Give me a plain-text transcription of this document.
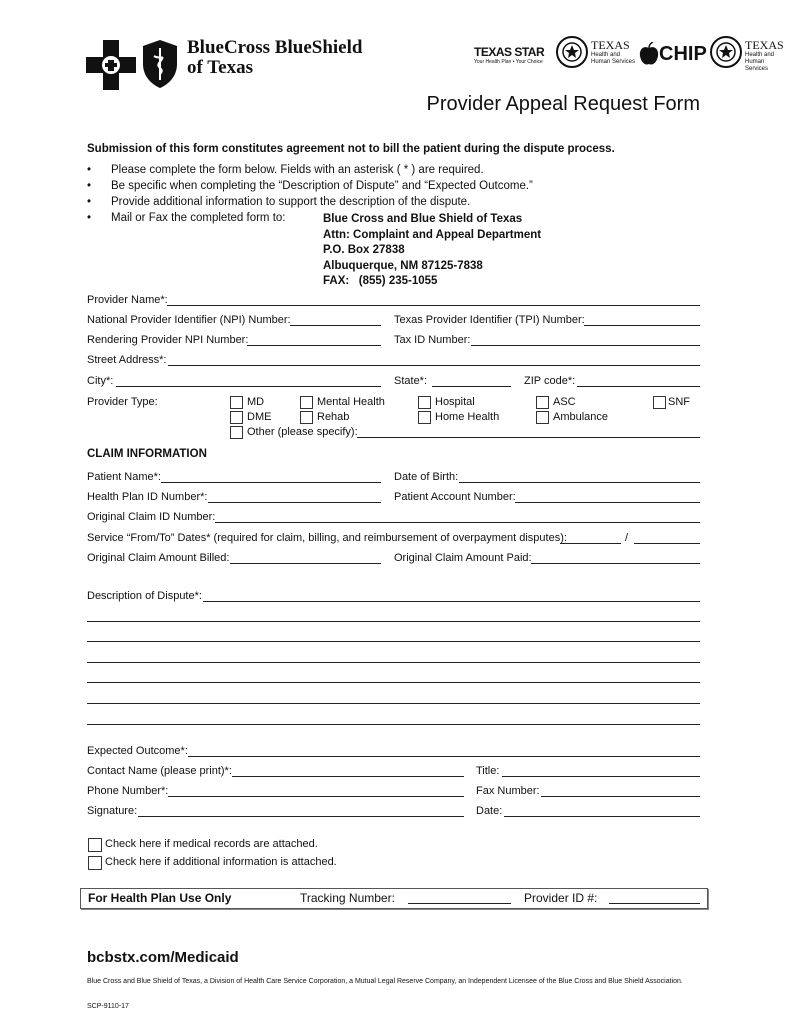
BlueCross BlueShield
of Texas
TEXAS STAR
Your Health Plan • Your Choice
TEXAS
Health and Human Services CHIP	TEXAS
Health and Human Services
Provider Appeal Request Form
Submission of this form constitutes agreement not to bill the patient during the dispute process.
• Please complete the form below. Fields with an asterisk ( * ) are required.
• Be specific when completing the “Description of Dispute” and “Expected Outcome.”
• Provide additional information to support the description of the dispute.
• Mail or Fax the completed form to:	Blue Cross and Blue Shield of Texas
Attn: Complaint and Appeal Department
P.O. Box 27838
Albuquerque, NM 87125-7838
FAX:   (855) 235-1055
Provider Name*:
National Provider Identifier (NPI) Number:	Texas Provider Identifier (TPI) Number:
Rendering Provider NPI Number:	Tax ID Number:
Street Address*:
City*:	State*:	ZIP code*:
Provider Type:	MD	Mental Health	Hospital	ASC	SNF
DME	Rehab	Home Health	Ambulance
Other (please specify):
CLAIM INFORMATION
Patient Name*:	Date of Birth:
Health Plan ID Number*:	Patient Account Number:
Original Claim ID Number:
Service “From/To” Dates* (required for claim, billing, and reimbursement of overpayment disputes):	/
Original Claim Amount Billed:	Original Claim Amount Paid:
Description of Dispute*:
Expected Outcome*:
Contact Name (please print)*:	Title:
Phone Number*:	Fax Number:
Signature:	Date:
Check here if medical records are attached.
Check here if additional information is attached.
For Health Plan Use Only	Tracking Number:	Provider ID #:
bcbstx.com/Medicaid
Blue Cross and Blue Shield of Texas, a Division of Health Care Service Corporation, a Mutual Legal Reserve Company, an Independent Licensee of the Blue Cross and Blue Shield Association.
SCP-9110-17
